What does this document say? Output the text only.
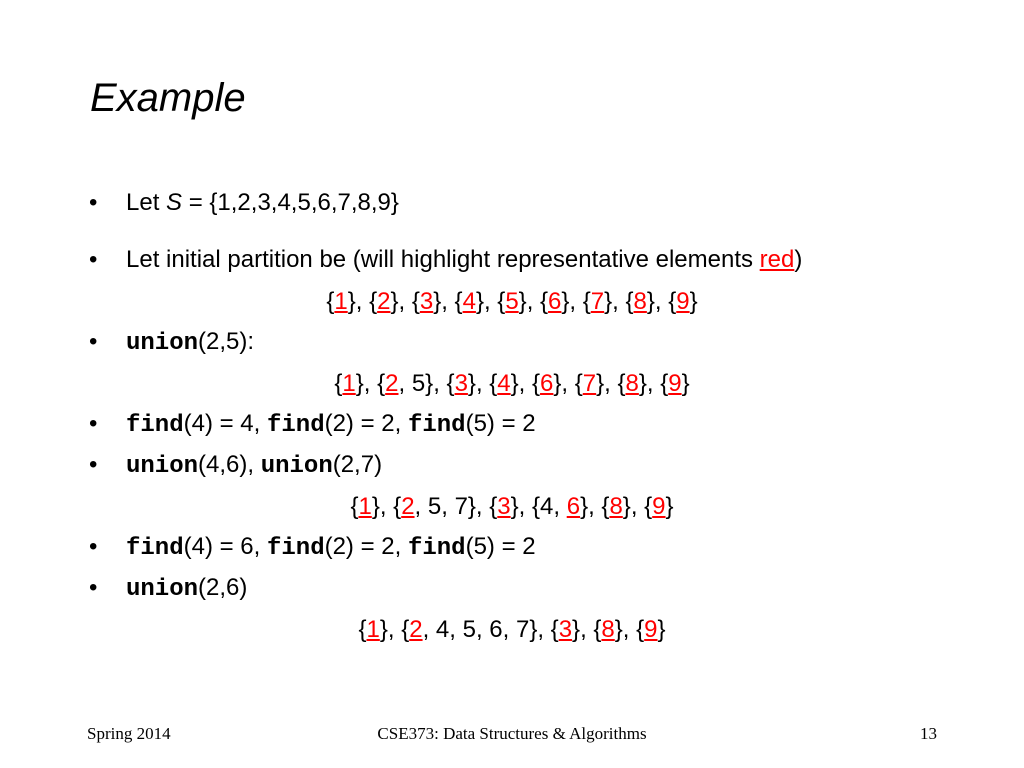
Example
• Let S = {1,2,3,4,5,6,7,8,9}
• Let initial partition be (will highlight representative elements red)
{1}, {2}, {3}, {4}, {5}, {6}, {7}, {8}, {9}
• union(2,5):
{1}, {2, 5}, {3}, {4}, {6}, {7}, {8}, {9}
• find(4) = 4, find(2) = 2, find(5) = 2
• union(4,6), union(2,7)
{1}, {2, 5, 7}, {3}, {4, 6}, {8}, {9}
• find(4) = 6, find(2) = 2, find(5) = 2
• union(2,6)
{1}, {2, 4, 5, 6, 7}, {3}, {8}, {9}
Spring 2014	CSE373: Data Structures & Algorithms	13
